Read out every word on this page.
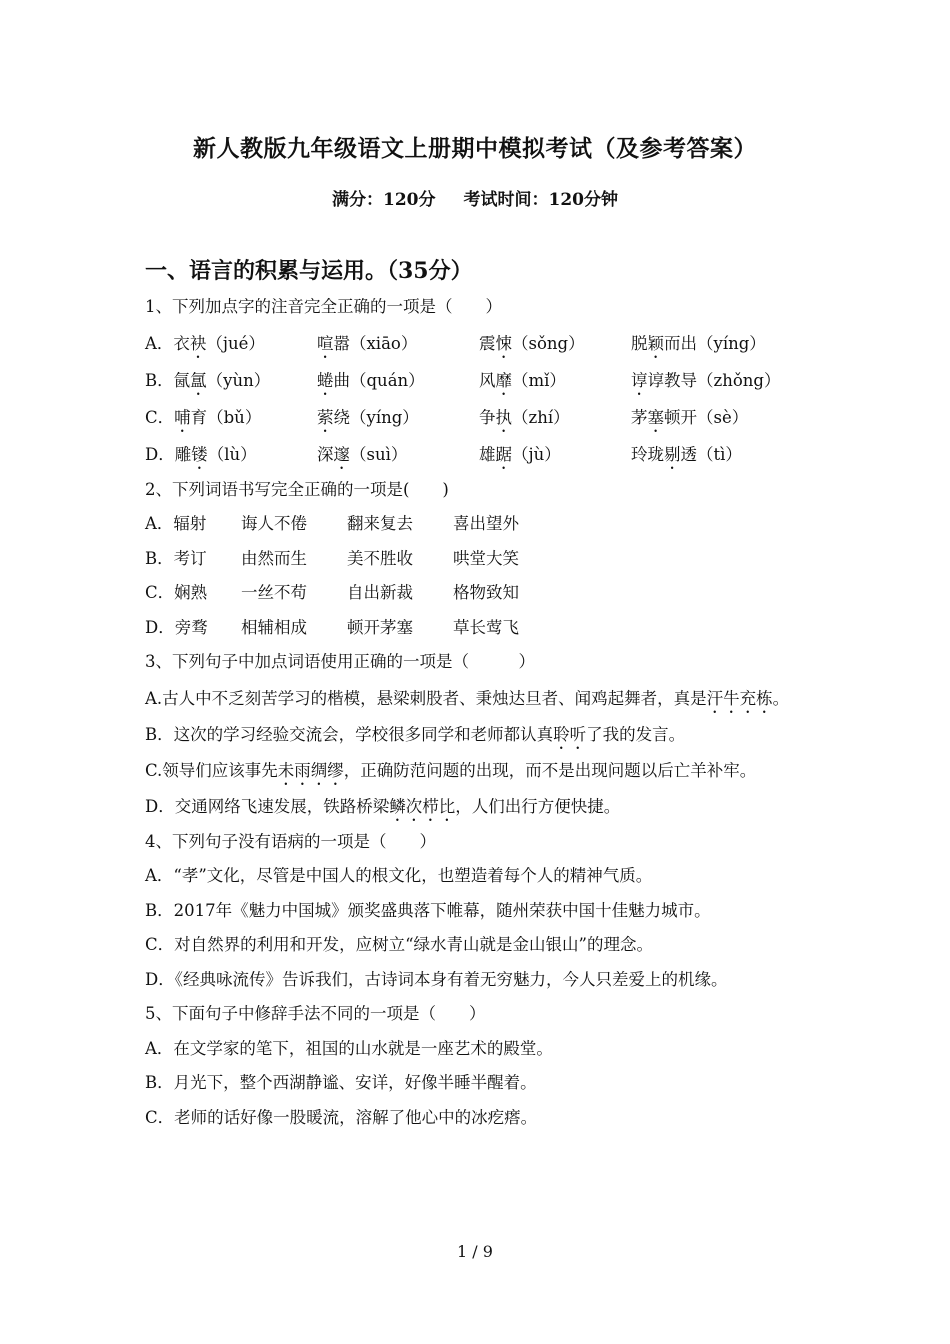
新人教版九年级语文上册期中模拟考试（及参考答案）
满分：120分 考试时间：120分钟
一、语言的积累与运用。（35分）
1、下列加点字的注音完全正确的一项是（　　）
A．衣袂（jué）	喧嚣（xiāo）	震悚（sǒng）	脱颖而出（yíng）
B．氤氲（yùn）	蜷曲（quán）	风靡（mǐ）	谆谆教导（zhǒng）
C．哺育（bǔ）	萦绕（yíng）	争执（zhí）	茅塞顿开（sè）
D．雕镂（lù）	深邃（suì）	雄踞（jù）	玲珑剔透（tì）
2、下列词语书写完全正确的一项是(　　)
A．辐射	诲人不倦	翻来复去	喜出望外
B．考订	由然而生	美不胜收	哄堂大笑
C．娴熟	一丝不苟	自出新裁	格物致知
D．旁骛	相辅相成	顿开茅塞	草长莺飞
3、下列句子中加点词语使用正确的一项是（　　　）
A.古人中不乏刻苦学习的楷模，悬梁刺股者、秉烛达旦者、闻鸡起舞者，真是汗牛充栋。
B．这次的学习经验交流会，学校很多同学和老师都认真聆听了我的发言。
C.领导们应该事先未雨绸缪，正确防范问题的出现，而不是出现问题以后亡羊补牢。
D．交通网络飞速发展，铁路桥梁鳞次栉比，人们出行方便快捷。
4、下列句子没有语病的一项是（　　）
A．“孝”文化，尽管是中国人的根文化，也塑造着每个人的精神气质。
B．2017年《魅力中国城》颁奖盛典落下帷幕，随州荣获中国十佳魅力城市。
C．对自然界的利用和开发，应树立“绿水青山就是金山银山”的理念。
D．《经典咏流传》告诉我们，古诗词本身有着无穷魅力，今人只差爱上的机缘。
5、下面句子中修辞手法不同的一项是（　　）
A．在文学家的笔下，祖国的山水就是一座艺术的殿堂。
B．月光下，整个西湖静谧、安详，好像半睡半醒着。
C．老师的话好像一股暖流，溶解了他心中的冰疙瘩。
1 / 9
